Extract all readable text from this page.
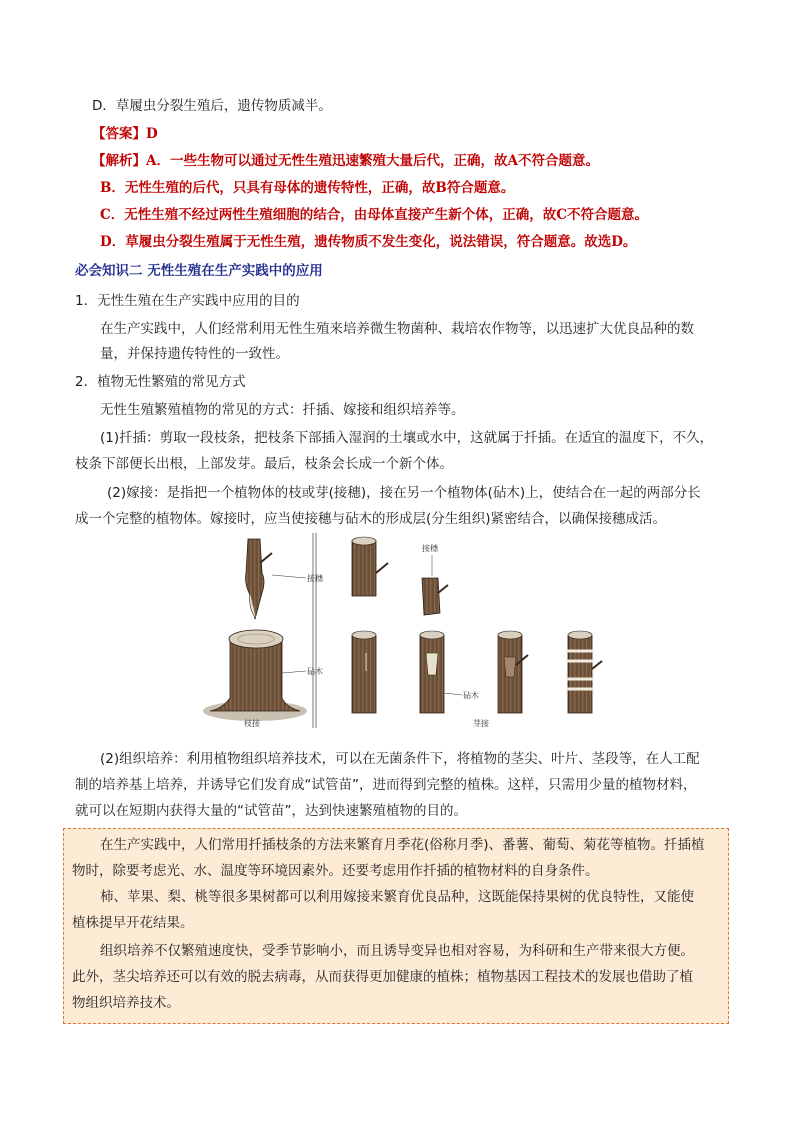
D．草履虫分裂生殖后，遗传物质减半。
【答案】D
【解析】A．一些生物可以通过无性生殖迅速繁殖大量后代，正确，故A不符合题意。
B．无性生殖的后代，只具有母体的遗传特性，正确，故B符合题意。
C．无性生殖不经过两性生殖细胞的结合，由母体直接产生新个体，正确，故C不符合题意。
D．草履虫分裂生殖属于无性生殖，遗传物质不发生变化，说法错误，符合题意。故选D。
必会知识二 无性生殖在生产实践中的应用
1．无性生殖在生产实践中应用的目的
在生产实践中，人们经常利用无性生殖来培养微生物菌种、栽培农作物等，以迅速扩大优良品种的数
量，并保持遗传特性的一致性。
2．植物无性繁殖的常见方式
无性生殖繁殖植物的常见的方式：扦插、嫁接和组织培养等。
(1)扦插：剪取一段枝条，把枝条下部插入湿润的土壤或水中，这就属于扦插。在适宜的温度下，不久，
枝条下部便长出根，上部发芽。最后，枝条会长成一个新个体。
(2)嫁接：是指把一个植物体的枝或芽(接穗)，接在另一个植物体(砧木)上，使结合在一起的两部分长
成一个完整的植物体。嫁接时，应当使接穗与砧木的形成层(分生组织)紧密结合，以确保接穗成活。
接穗
砧木
枝接
接穗
砧木
芽接
(2)组织培养：利用植物组织培养技术，可以在无菌条件下，将植物的茎尖、叶片、茎段等，在人工配
制的培养基上培养，并诱导它们发育成“试管苗”，进而得到完整的植株。这样，只需用少量的植物材料，
就可以在短期内获得大量的“试管苗”，达到快速繁殖植物的目的。
在生产实践中，人们常用扦插枝条的方法来繁育月季花(俗称月季)、番薯、葡萄、菊花等植物。扦插植
物时，除要考虑光、水、温度等环境因素外。还要考虑用作扦插的植物材料的自身条件。
柿、苹果、梨、桃等很多果树都可以利用嫁接来繁育优良品种，这既能保持果树的优良特性，又能使
植株提早开花结果。
组织培养不仅繁殖速度快，受季节影响小，而且诱导变异也相对容易，为科研和生产带来很大方便。
此外，茎尖培养还可以有效的脱去病毒，从而获得更加健康的植株；植物基因工程技术的发展也借助了植
物组织培养技术。
